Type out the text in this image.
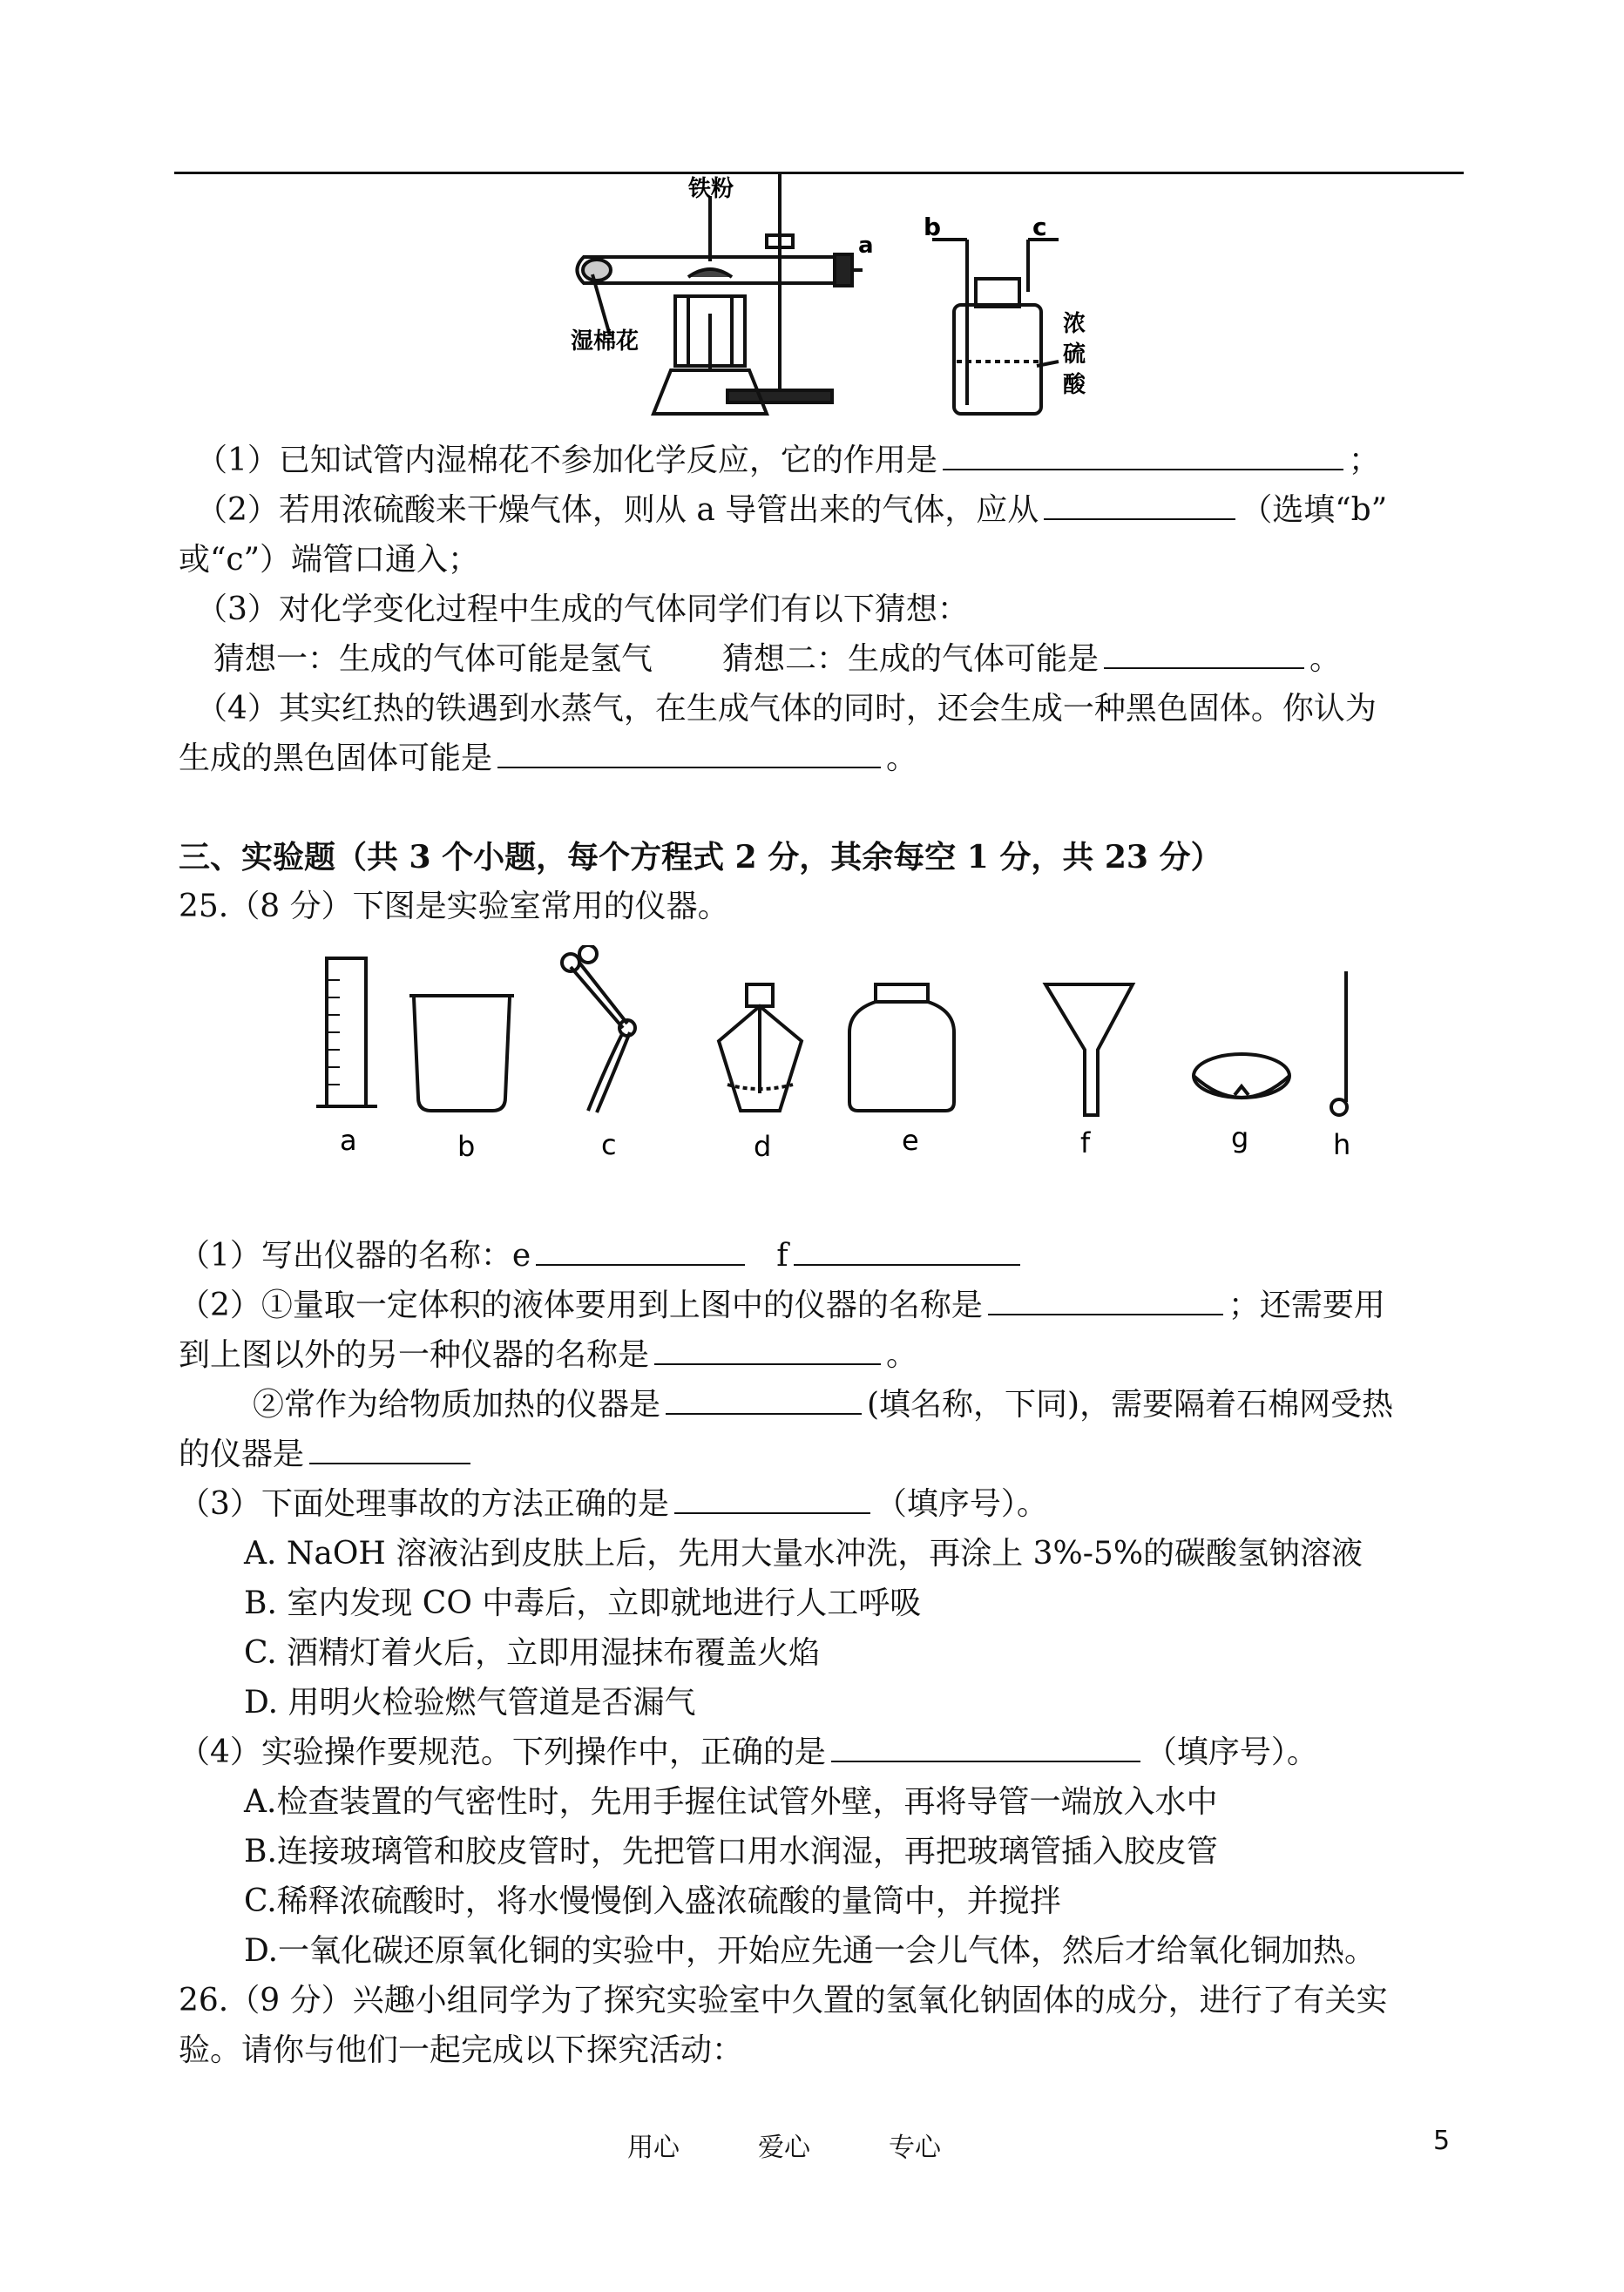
铁粉
湿棉花
a
b	c
浓
硫
酸
（1）已知试管内湿棉花不参加化学反应，它的作用是	；
（2）若用浓硫酸来干燥气体，则从 a 导管出来的气体，应从	（选填“b”
或“c”）端管口通入；
（3）对化学变化过程中生成的气体同学们有以下猜想：
猜想一：生成的气体可能是氢气 猜想二：生成的气体可能是	。
（4）其实红热的铁遇到水蒸气，在生成气体的同时，还会生成一种黑色固体。你认为
生成的黑色固体可能是	。
三、实验题（共 3 个小题，每个方程式 2 分，其余每空 1 分，共 23 分）
25.（8 分）下图是实验室常用的仪器。
a	b	c	d	e	f	g	h
（1）写出仪器的名称：e	f
（2）①量取一定体积的液体要用到上图中的仪器的名称是	；还需要用
到上图以外的另一种仪器的名称是	。
②常作为给物质加热的仪器是	(填名称，下同)，需要隔着石棉网受热
的仪器是
（3）下面处理事故的方法正确的是	（填序号）。
A. NaOH 溶液沾到皮肤上后，先用大量水冲洗，再涂上 3%-5%的碳酸氢钠溶液
B. 室内发现 CO 中毒后，立即就地进行人工呼吸
C. 酒精灯着火后，立即用湿抹布覆盖火焰
D. 用明火检验燃气管道是否漏气
（4）实验操作要规范。下列操作中，正确的是	（填序号）。
A.检查装置的气密性时，先用手握住试管外壁，再将导管一端放入水中
B.连接玻璃管和胶皮管时，先把管口用水润湿，再把玻璃管插入胶皮管
C.稀释浓硫酸时，将水慢慢倒入盛浓硫酸的量筒中，并搅拌
D.一氧化碳还原氧化铜的实验中，开始应先通一会儿气体，然后才给氧化铜加热。
26.（9 分）兴趣小组同学为了探究实验室中久置的氢氧化钠固体的成分，进行了有关实
验。请你与他们一起完成以下探究活动：
用心	爱心	专心	5
